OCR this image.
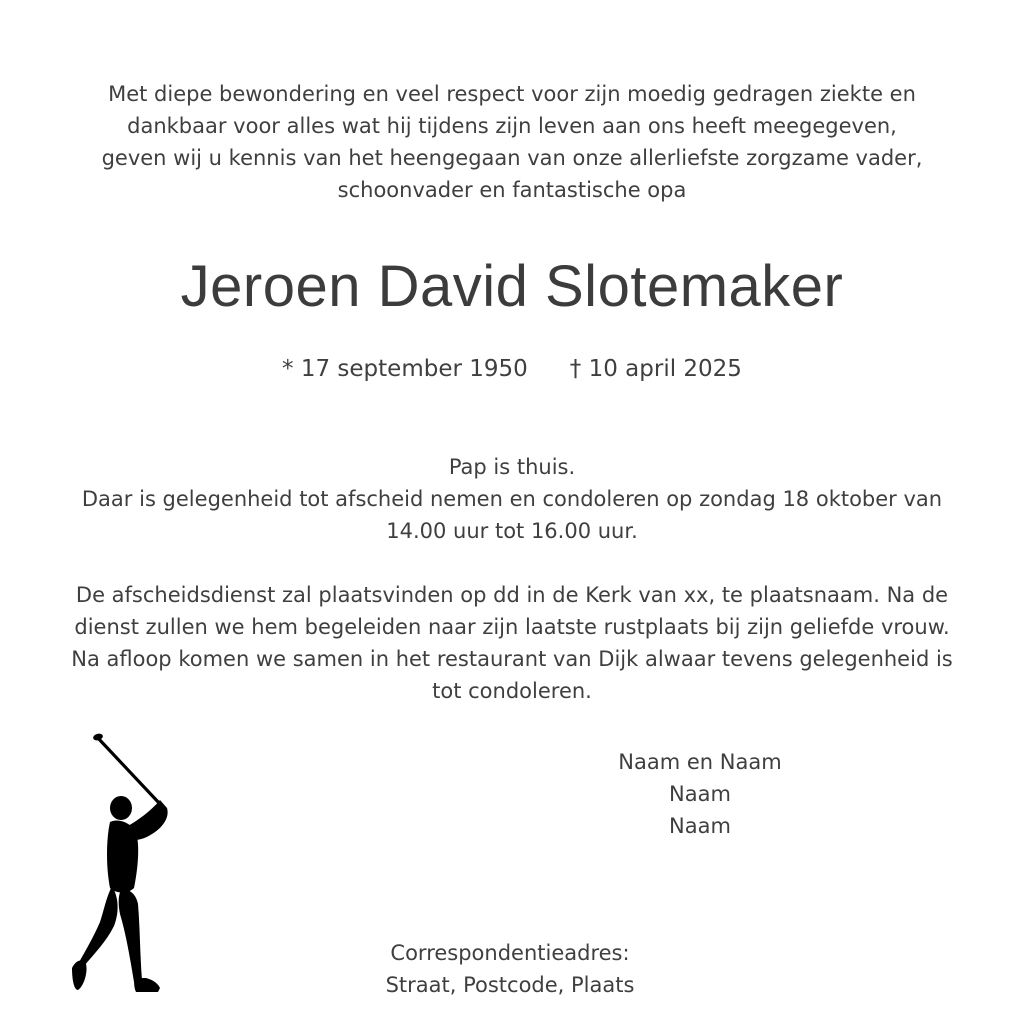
Met diepe bewondering en veel respect voor zijn moedig gedragen ziekte en
dankbaar voor alles wat hij tijdens zijn leven aan ons heeft meegegeven,
geven wij u kennis van het heengegaan van onze allerliefste zorgzame vader,
schoonvader en fantastische opa
Jeroen David Slotemaker
* 17 september 1950 † 10 april 2025
Pap is thuis.
Daar is gelegenheid tot afscheid nemen en condoleren op zondag 18 oktober van
14.00 uur tot 16.00 uur.
De afscheidsdienst zal plaatsvinden op dd in de Kerk van xx, te plaatsnaam. Na de
dienst zullen we hem begeleiden naar zijn laatste rustplaats bij zijn geliefde vrouw.
Na afloop komen we samen in het restaurant van Dijk alwaar tevens gelegenheid is
tot condoleren.
Naam en Naam
Naam
Naam
Correspondentieadres:
Straat, Postcode, Plaats
